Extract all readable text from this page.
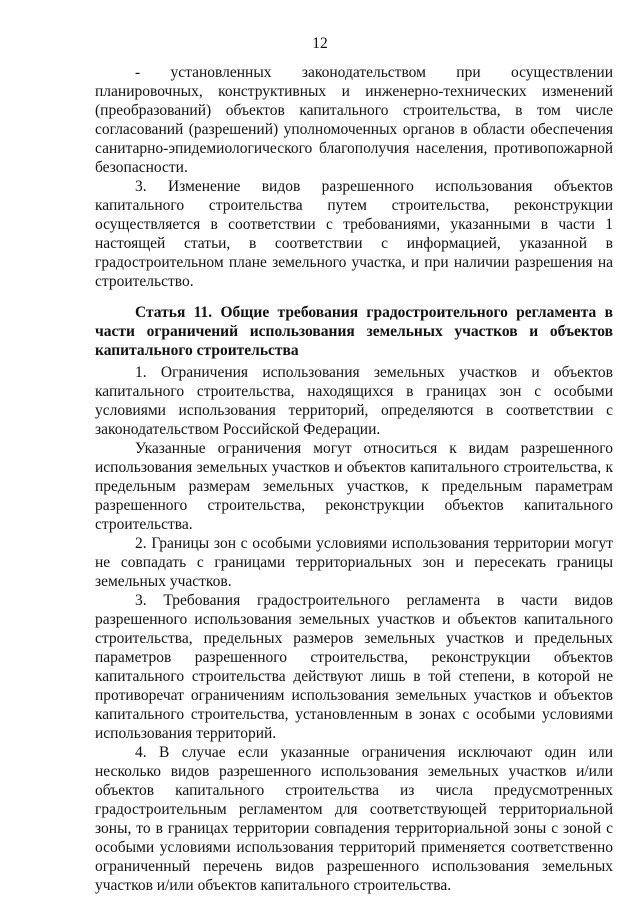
12

- установленных законодательством при осуществлении планировочных, конструктивных и инженерно-технических изменений (преобразований) объектов капитального строительства, в том числе согласований (разрешений) уполномоченных органов в области обеспечения санитарно-эпидемиологического благополучия населения, противопожарной безопасности.

3. Изменение видов разрешенного использования объектов капитального строительства путем строительства, реконструкции осуществляется в соответствии с требованиями, указанными в части 1 настоящей статьи, в соответствии с информацией, указанной в градостроительном плане земельного участка, и при наличии разрешения на строительство.

Статья 11. Общие требования градостроительного регламента в части ограничений использования земельных участков и объектов капитального строительства

1. Ограничения использования земельных участков и объектов капитального строительства, находящихся в границах зон с особыми условиями использования территорий, определяются в соответствии с законодательством Российской Федерации.

Указанные ограничения могут относиться к видам разрешенного использования земельных участков и объектов капитального строительства, к предельным размерам земельных участков, к предельным параметрам разрешенного строительства, реконструкции объектов капитального строительства.

2. Границы зон с особыми условиями использования территории могут не совпадать с границами территориальных зон и пересекать границы земельных участков.

3. Требования градостроительного регламента в части видов разрешенного использования земельных участков и объектов капитального строительства, предельных размеров земельных участков и предельных параметров разрешенного строительства, реконструкции объектов капитального строительства действуют лишь в той степени, в которой не противоречат ограничениям использования земельных участков и объектов капитального строительства, установленным в зонах с особыми условиями использования территорий.

4. В случае если указанные ограничения исключают один или несколько видов разрешенного использования земельных участков и/или объектов капитального строительства из числа предусмотренных градостроительным регламентом для соответствующей территориальной зоны, то в границах территории совпадения территориальной зоны с зоной с особыми условиями использования территорий применяется соответственно ограниченный перечень видов разрешенного использования земельных участков и/или объектов капитального строительства.
